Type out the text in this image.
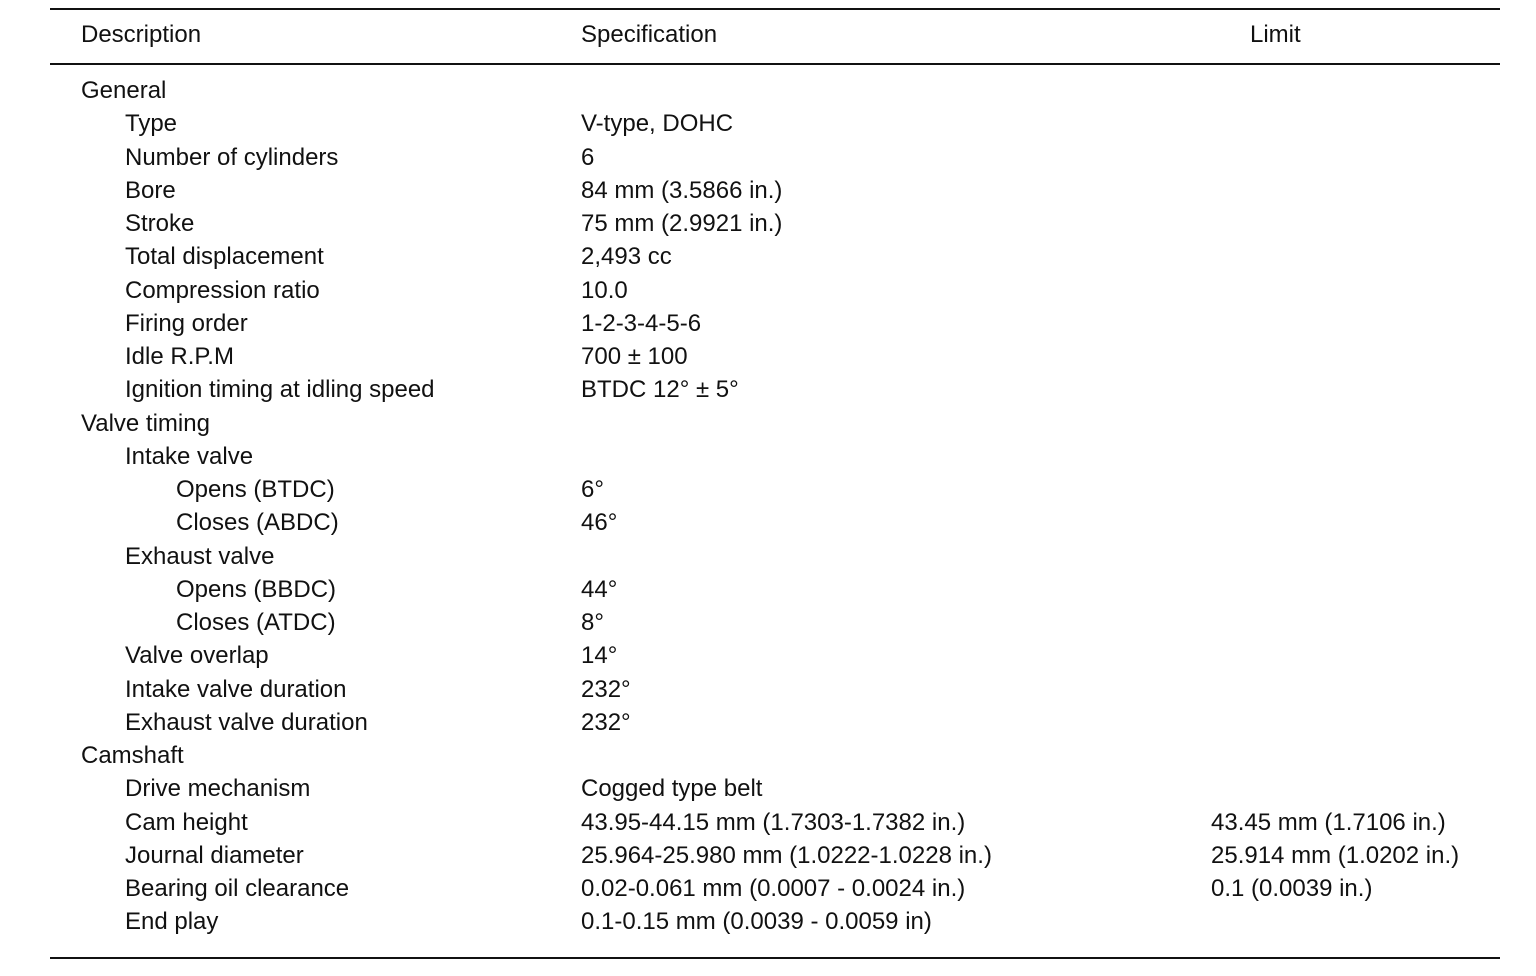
Description	Specification	Limit
General
Type	V-type, DOHC
Number of cylinders	6
Bore	84 mm (3.5866 in.)
Stroke	75 mm (2.9921 in.)
Total displacement	2,493 cc
Compression ratio	10.0
Firing order	1-2-3-4-5-6
Idle R.P.M	700 ± 100
Ignition timing at idling speed	BTDC 12° ± 5°
Valve timing
Intake valve
Opens (BTDC)	6°
Closes (ABDC)	46°
Exhaust valve
Opens (BBDC)	44°
Closes (ATDC)	8°
Valve overlap	14°
Intake valve duration	232°
Exhaust valve duration	232°
Camshaft
Drive mechanism	Cogged type belt
Cam height	43.95-44.15 mm (1.7303-1.7382 in.)	43.45 mm (1.7106 in.)
Journal diameter	25.964-25.980 mm (1.0222-1.0228 in.)	25.914 mm (1.0202 in.)
Bearing oil clearance	0.02-0.061 mm (0.0007 - 0.0024 in.)	0.1 (0.0039 in.)
End play	0.1-0.15 mm (0.0039 - 0.0059 in)
